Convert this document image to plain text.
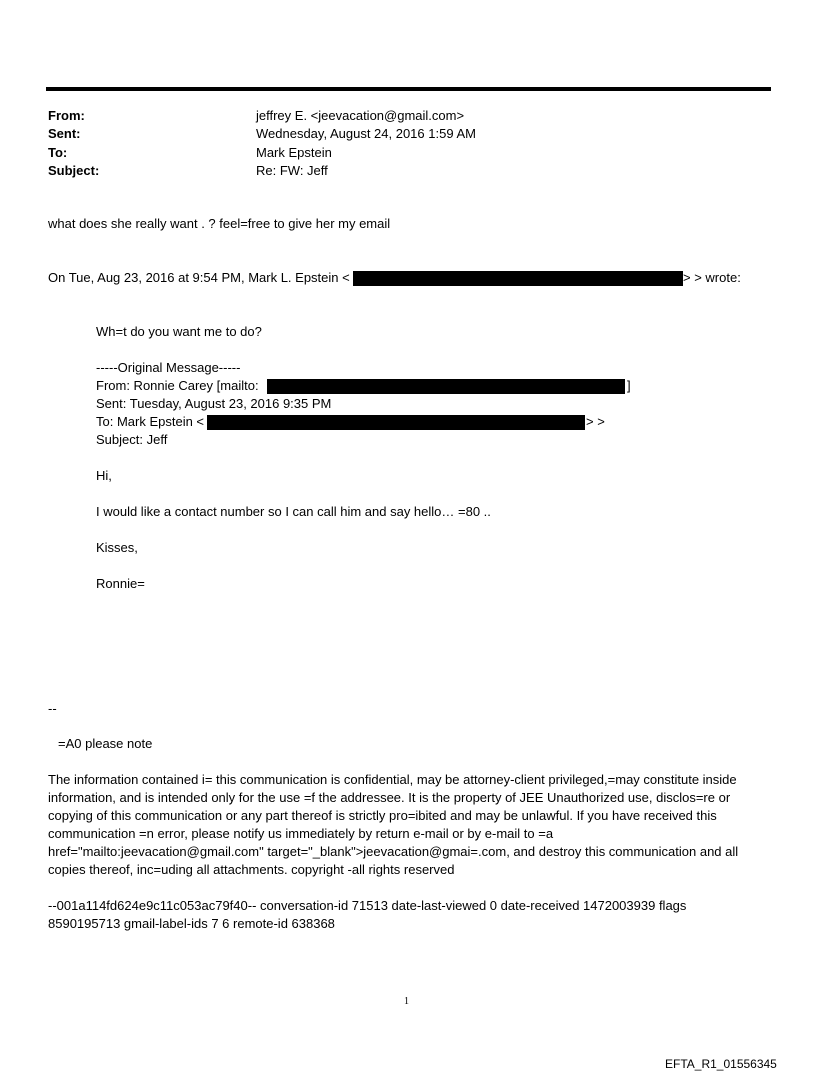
From:	jeffrey E. <jeevacation@gmail.com>
Sent:	Wednesday, August 24, 2016 1:59 AM
To:	Mark Epstein
Subject:	Re: FW: Jeff
what does she really want . ? feel=free to give her my email
On Tue, Aug 23, 2016 at 9:54 PM, Mark L. Epstein <	> > wrote:
Wh=t do you want me to do?
-----Original Message-----
From: Ronnie Carey [mailto:	]
Sent: Tuesday, August 23, 2016 9:35 PM
To: Mark Epstein <	> >
Subject: Jeff
Hi,
I would like a contact number so I can call him and say hello… =80 ..
Kisses,
Ronnie=
--
=A0 please note
The information contained i= this communication is confidential, may be attorney-client privileged,=may constitute inside information, and is intended only for the use =f the addressee. It is the property of JEE Unauthorized use, disclos=re or copying of this communication or any part thereof is strictly pro=ibited and may be unlawful. If you have received this communication =n error, please notify us immediately by return e-mail or by e-mail to =a href="mailto:jeevacation@gmail.com" target="_blank">jeevacation@gmai=.com, and destroy this communication and all copies thereof, inc=uding all attachments. copyright -all rights reserved
--001a114fd624e9c11c053ac79f40-- conversation-id 71513 date-last-viewed 0 date-received 1472003939 flags 8590195713 gmail-label-ids 7 6 remote-id 638368
1
EFTA_R1_01556345
